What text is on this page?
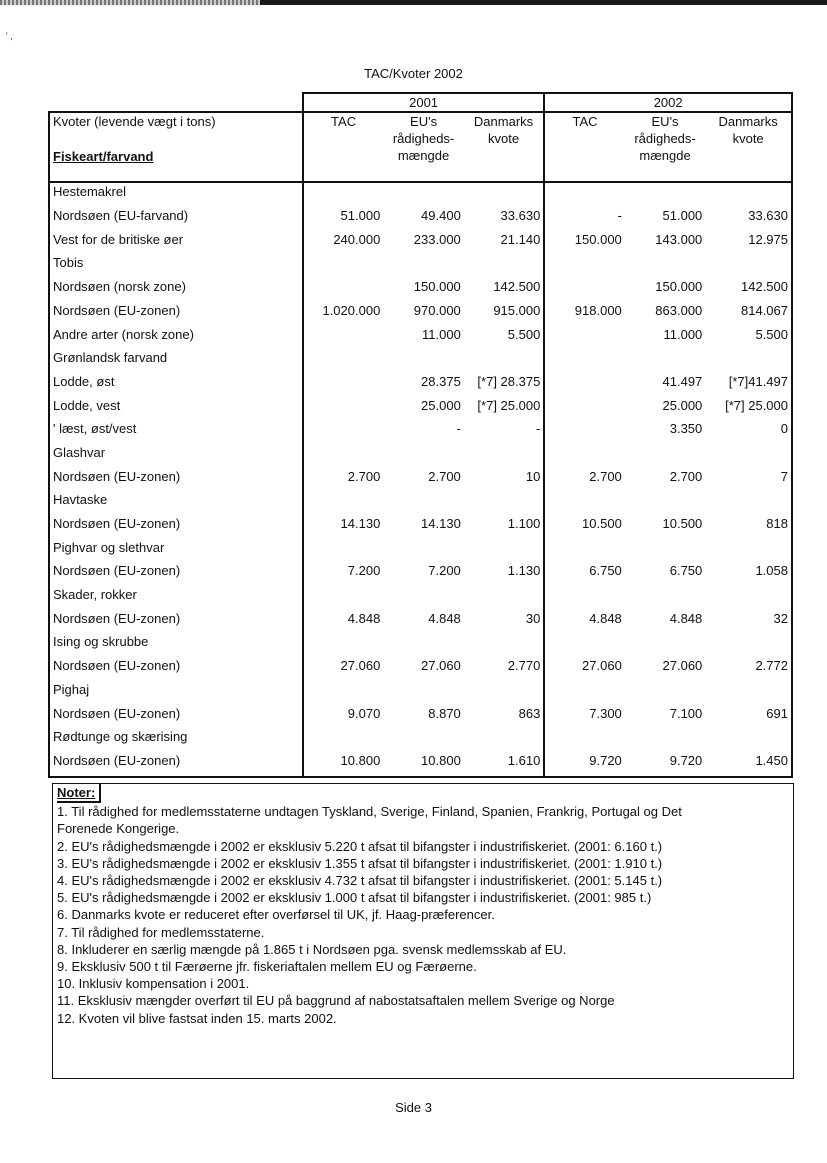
' ,
TAC/Kvoter 2002
	2001			2002		
Kvoter (levende vægt i tons)
Fiskeart/farvand	TAC	EU's rådigheds-mængde	Danmarks kvote	TAC	EU's rådigheds-mængde	Danmarks kvote
Hestemakrel						
Nordsøen (EU-farvand)	51.000	49.400	33.630	-	51.000	33.630
Vest for de britiske øer	240.000	233.000	21.140	150.000	143.000	12.975
Tobis						
Nordsøen (norsk zone)		150.000	142.500		150.000	142.500
Nordsøen (EU-zonen)	1.020.000	970.000	915.000	918.000	863.000	814.067
Andre arter (norsk zone)		11.000	5.500		11.000	5.500
Grønlandsk farvand						
Lodde, øst		28.375	[*7] 28.375		41.497	[*7]41.497
Lodde, vest		25.000	[*7] 25.000		25.000	[*7] 25.000
' læst, øst/vest		-	-		3.350	0
Glashvar						
Nordsøen (EU-zonen)	2.700	2.700	10	2.700	2.700	7
Havtaske						
Nordsøen (EU-zonen)	14.130	14.130	1.100	10.500	10.500	818
Pighvar og slethvar						
Nordsøen (EU-zonen)	7.200	7.200	1.130	6.750	6.750	1.058
Skader, rokker						
Nordsøen (EU-zonen)	4.848	4.848	30	4.848	4.848	32
Ising og skrubbe						
Nordsøen (EU-zonen)	27.060	27.060	2.770	27.060	27.060	2.772
Pighaj						
Nordsøen (EU-zonen)	9.070	8.870	863	7.300	7.100	691
Rødtunge og skærising						
Nordsøen (EU-zonen)	10.800	10.800	1.610	9.720	9.720	1.450
Noter:
1. Til rådighed for medlemsstaterne undtagen Tyskland, Sverige, Finland, Spanien, Frankrig, Portugal og Det
Forenede Kongerige.
2. EU's rådighedsmængde i 2002 er eksklusiv 5.220 t afsat til bifangster i industrifiskeriet. (2001: 6.160 t.)
3. EU's rådighedsmængde i 2002 er eksklusiv 1.355 t afsat til bifangster i industrifiskeriet. (2001: 1.910 t.)
4. EU's rådighedsmængde i 2002 er eksklusiv 4.732 t afsat til bifangster i industrifiskeriet. (2001: 5.145 t.)
5. EU's rådighedsmængde i 2002 er eksklusiv 1.000 t afsat til bifangster i industrifiskeriet. (2001: 985 t.)
6. Danmarks kvote er reduceret efter overførsel til UK, jf. Haag-præferencer.
7. Til rådighed for medlemsstaterne.
8. Inkluderer en særlig mængde på 1.865 t i Nordsøen pga. svensk medlemsskab af EU.
9. Eksklusiv 500 t til Færøerne jfr. fiskeriaftalen mellem EU og Færøerne.
10. Inklusiv kompensation i 2001.
11. Eksklusiv mængder overført til EU på baggrund af nabostatsaftalen mellem Sverige og Norge
12. Kvoten vil blive fastsat inden 15. marts 2002.
Side 3
